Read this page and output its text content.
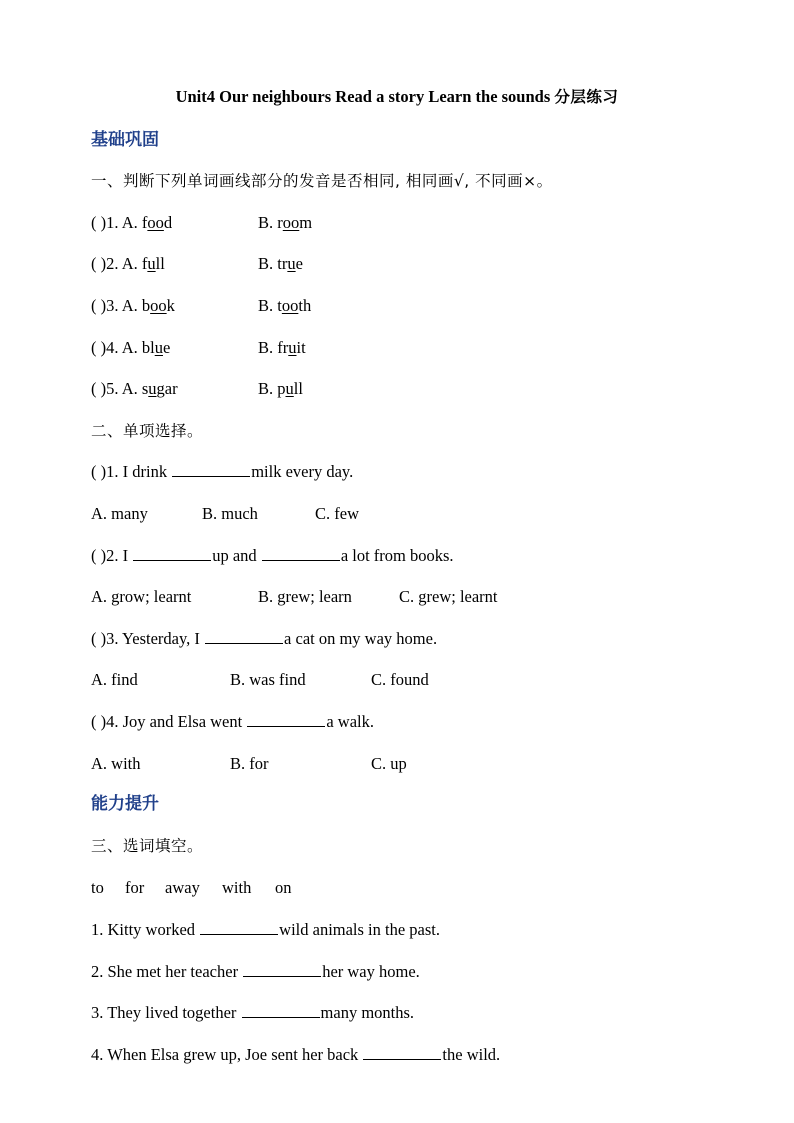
Unit4 Our neighbours Read a story Learn the sounds 分层练习
基础巩固
一、判断下列单词画线部分的发音是否相同, 相同画√, 不同画×。
( )1. A. food	B. room
( )2. A. full	B. true
( )3. A. book	B. tooth
( )4. A. blue	B. fruit
( )5. A. sugar	B. pull
二、单项选择。
( )1. I drink	milk every day.
A. many	B. much	C. few
( )2. I	up and	a lot from books.
A. grow; learnt	B. grew; learn	C. grew; learnt
( )3. Yesterday, I	a cat on my way home.
A. find	B. was find	C. found
( )4. Joy and Elsa went	a walk.
A. with	B. for	C. up
能力提升
三、选词填空。
to for away with on
1. Kitty worked	wild animals in the past.
2. She met her teacher	her way home.
3. They lived together	many months.
4. When Elsa grew up, Joe sent her back	the wild.
